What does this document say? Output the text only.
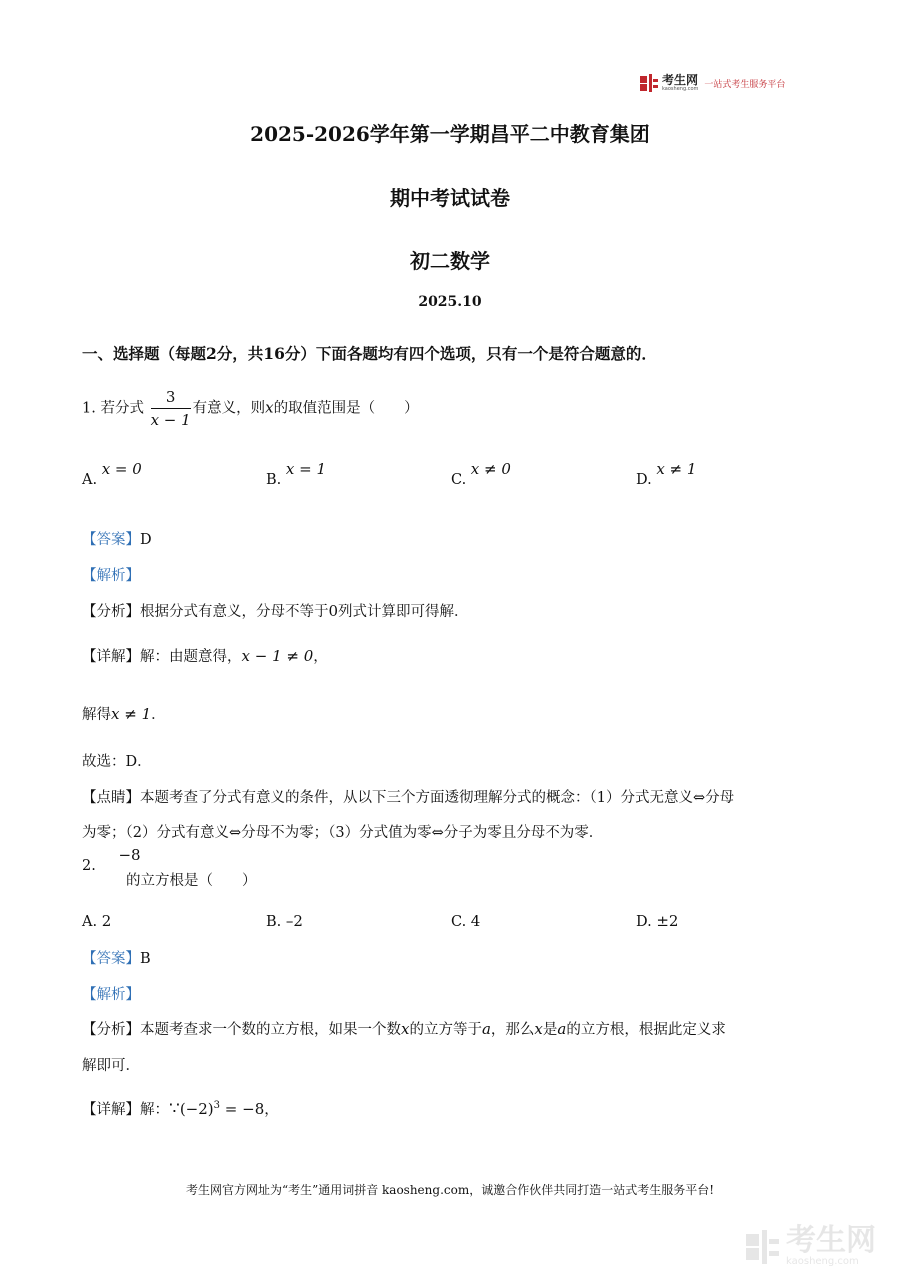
考生网
kaosheng.com 一站式考生服务平台
2025-2026学年第一学期昌平二中教育集团
期中考试试卷
初二数学
2025.10
一、选择题（每题2分，共16分）下面各题均有四个选项，只有一个是符合题意的．
1. 若分式 $\frac{3}{x - 1}$ 有意义，则x的取值范围是（　　）
A. x = 0
B. x = 1
C. x ≠ 0
D. x ≠ 1
【答案】D
【解析】
【分析】根据分式有意义，分母不等于0列式计算即可得解．
【详解】解：由题意得，x − 1 ≠ 0，
解得x ≠ 1．
故选：D．
【点睛】本题考查了分式有意义的条件，从以下三个方面透彻理解分式的概念：（1）分式无意义⇔分母
为零；（2）分式有意义⇔分母不为零；（3）分式值为零⇔分子为零且分母不为零．
2. −8
的立方根是（　　）
A. 2	B. –2	C. 4	D. ±2
【答案】B
【解析】
【分析】本题考查求一个数的立方根，如果一个数x的立方等于a，那么x是a的立方根，根据此定义求
解即可．
【详解】解：$\because(-2)^3 = -8$，
考生网官方网址为“考生”通用词拼音 kaosheng.com，诚邀合作伙伴共同打造一站式考生服务平台!
考生网
kaosheng.com
